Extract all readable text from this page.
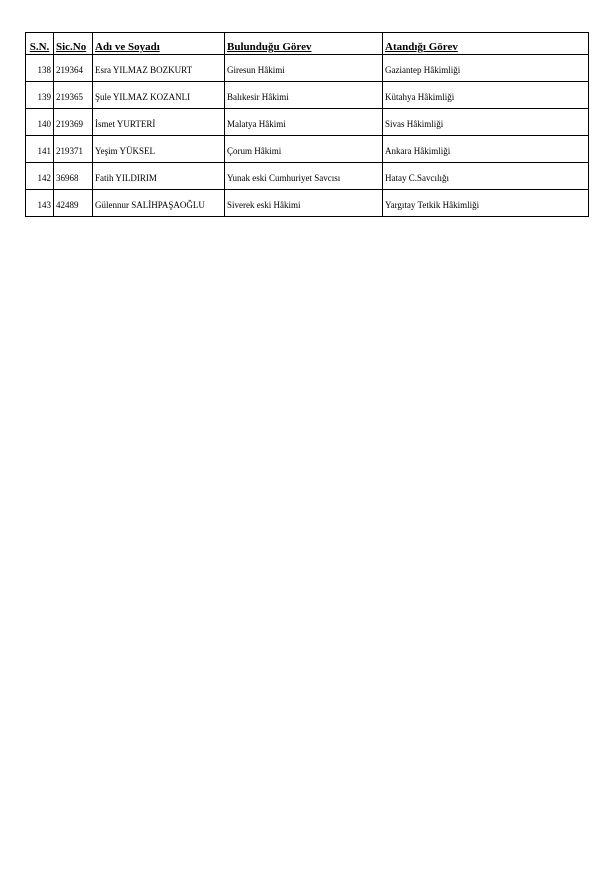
S.N.	Sic.No	Adı ve Soyadı	Bulunduğu Görev	Atandığı Görev
138	219364	Esra YILMAZ BOZKURT	Giresun Hâkimi	Gaziantep Hâkimliği
139	219365	Şule YILMAZ KOZANLI	Balıkesir Hâkimi	Kütahya Hâkimliği
140	219369	İsmet YURTERİ	Malatya Hâkimi	Sivas Hâkimliği
141	219371	Yeşim YÜKSEL	Çorum Hâkimi	Ankara Hâkimliği
142	36968	Fatih YILDIRIM	Yunak eski Cumhuriyet Savcısı	Hatay C.Savcılığı
143	42489	Gülennur SALİHPAŞAOĞLU	Siverek eski Hâkimi	Yargıtay Tetkik Hâkimliği
